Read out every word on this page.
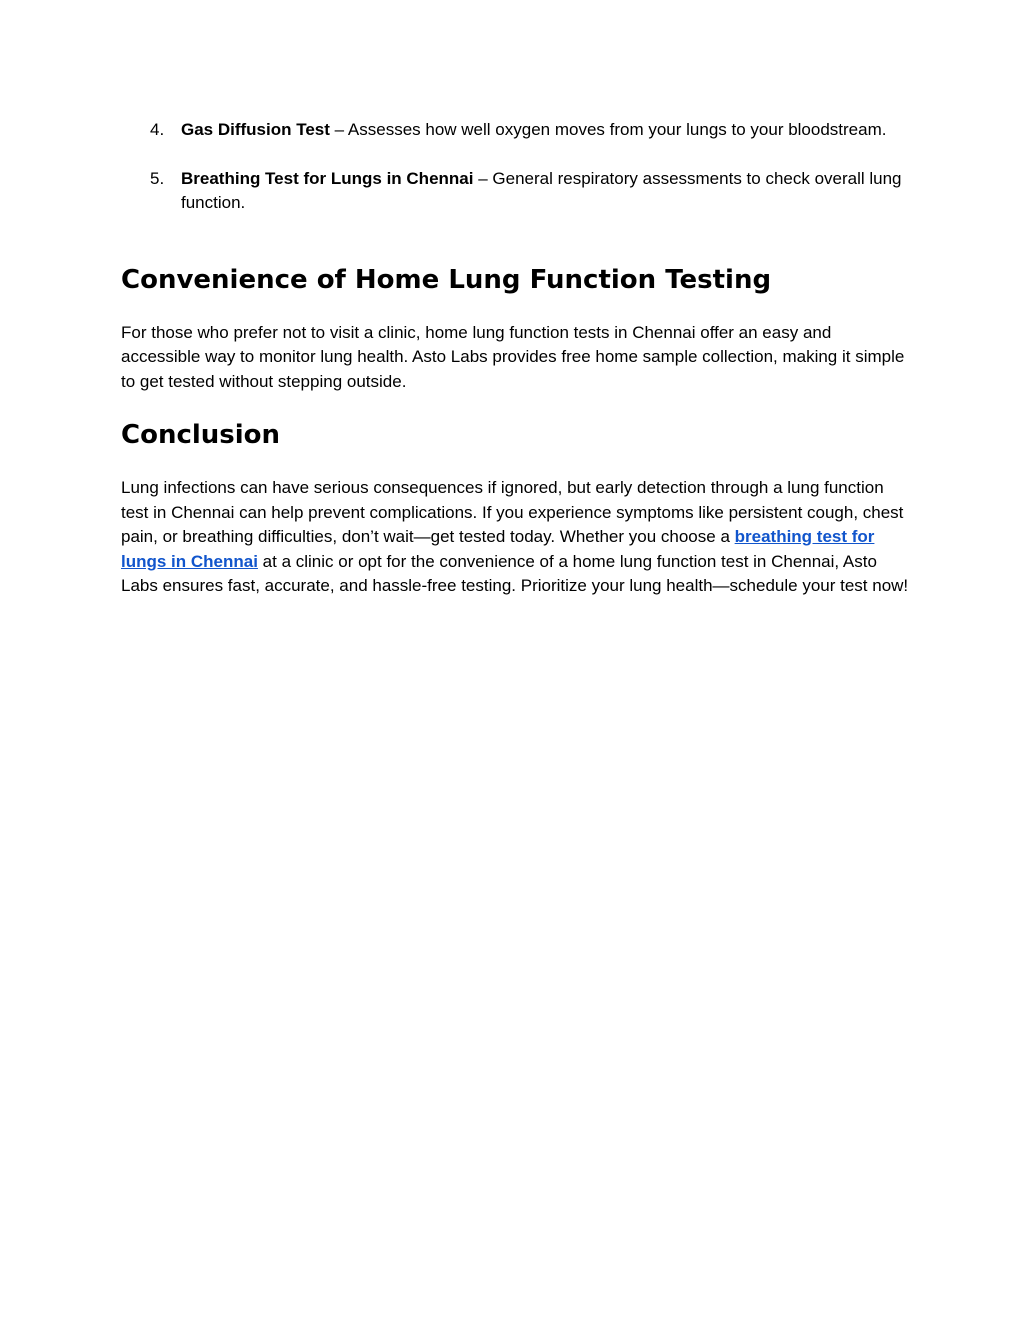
4. Gas Diffusion Test – Assesses how well oxygen moves from your lungs to your bloodstream.
5. Breathing Test for Lungs in Chennai – General respiratory assessments to check overall lung function.
Convenience of Home Lung Function Testing

For those who prefer not to visit a clinic, home lung function tests in Chennai offer an easy and accessible way to monitor lung health. Asto Labs provides free home sample collection, making it simple to get tested without stepping outside.

Conclusion

Lung infections can have serious consequences if ignored, but early detection through a lung function test in Chennai can help prevent complications. If you experience symptoms like persistent cough, chest pain, or breathing difficulties, don’t wait—get tested today. Whether you choose a breathing test for lungs in Chennai at a clinic or opt for the convenience of a home lung function test in Chennai, Asto Labs ensures fast, accurate, and hassle-free testing. Prioritize your lung health—schedule your test now!
